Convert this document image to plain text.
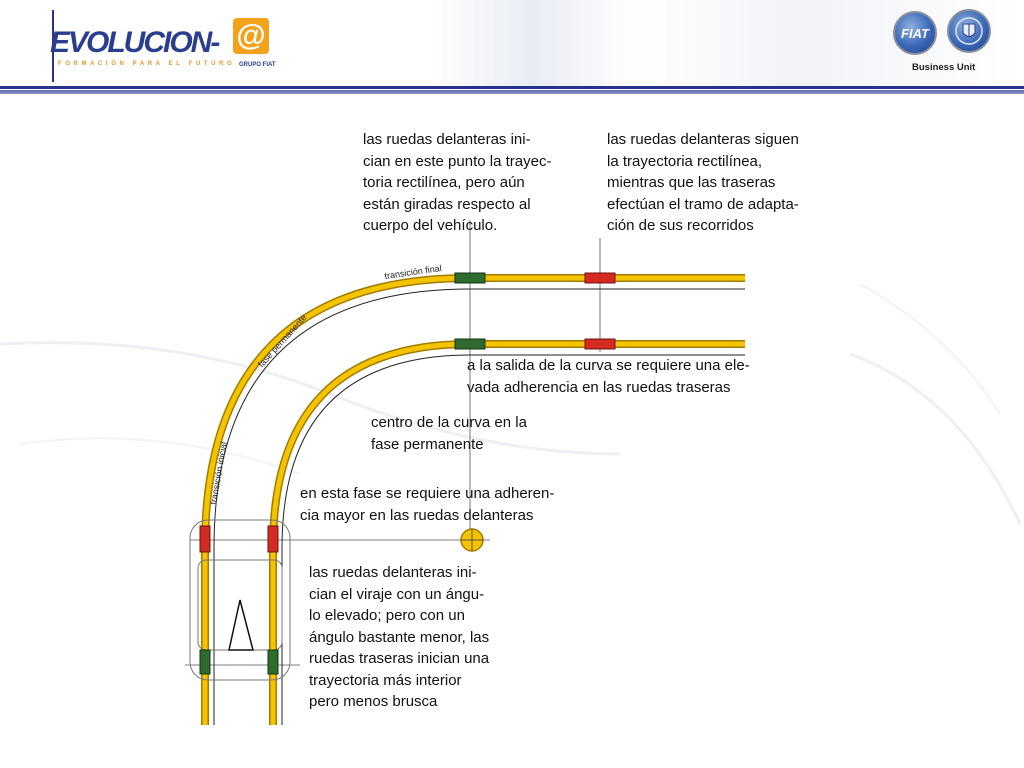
EVOLUCION- @
FORMACIÓN PARA EL FUTURO GRUPO FIAT
FIAT
Business Unit
transición final
fase permanente
transición inicial
las ruedas delanteras ini-
cian en este punto la trayec-
toria rectilínea, pero aún
están giradas respecto al
cuerpo del vehículo.
las ruedas delanteras siguen
la trayectoria rectilínea,
mientras que las traseras
efectúan el tramo de adapta-
ción de sus recorridos
a la salida de la curva se requiere una ele-
vada adherencia en las ruedas traseras
centro de la curva en la
fase permanente
en esta fase se requiere una adheren-
cia mayor en las ruedas delanteras
las ruedas delanteras ini-
cian el viraje con un ángu-
lo elevado; pero con un
ángulo bastante menor, las
ruedas traseras inician una
trayectoria más interior
pero menos brusca
